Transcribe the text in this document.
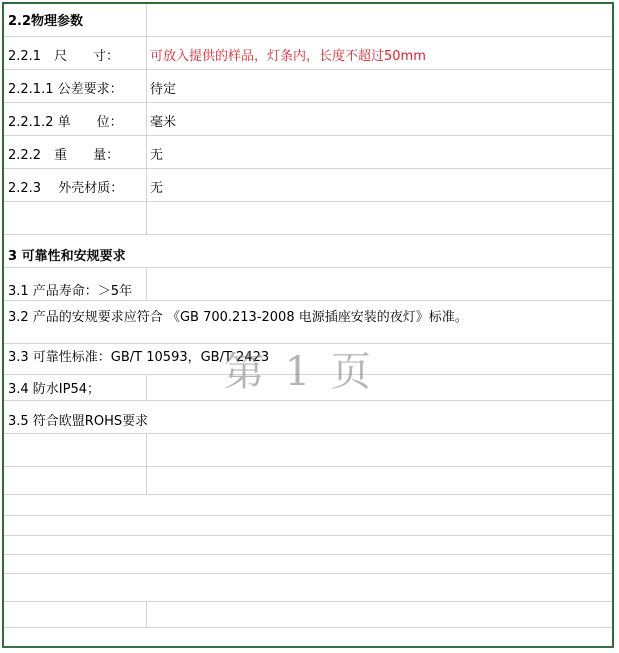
2.2物理参数
2.2.1　尺　　寸： 可放入提供的样品，灯条内，长度不超过50mm
2.2.1.1 公差要求： 待定
2.2.1.2 单　　位： 毫米
2.2.2　重　　量： 无
2.2.3　 外壳材质： 无
3 可靠性和安规要求
3.1 产品寿命：＞5年
3.2 产品的安规要求应符合 《GB 700.213-2008 电源插座安装的夜灯》标准。
3.3 可靠性标准：GB/T 10593，GB/T 2423
3.4 防水IP54；
3.5 符合欧盟ROHS要求
第 1 页
